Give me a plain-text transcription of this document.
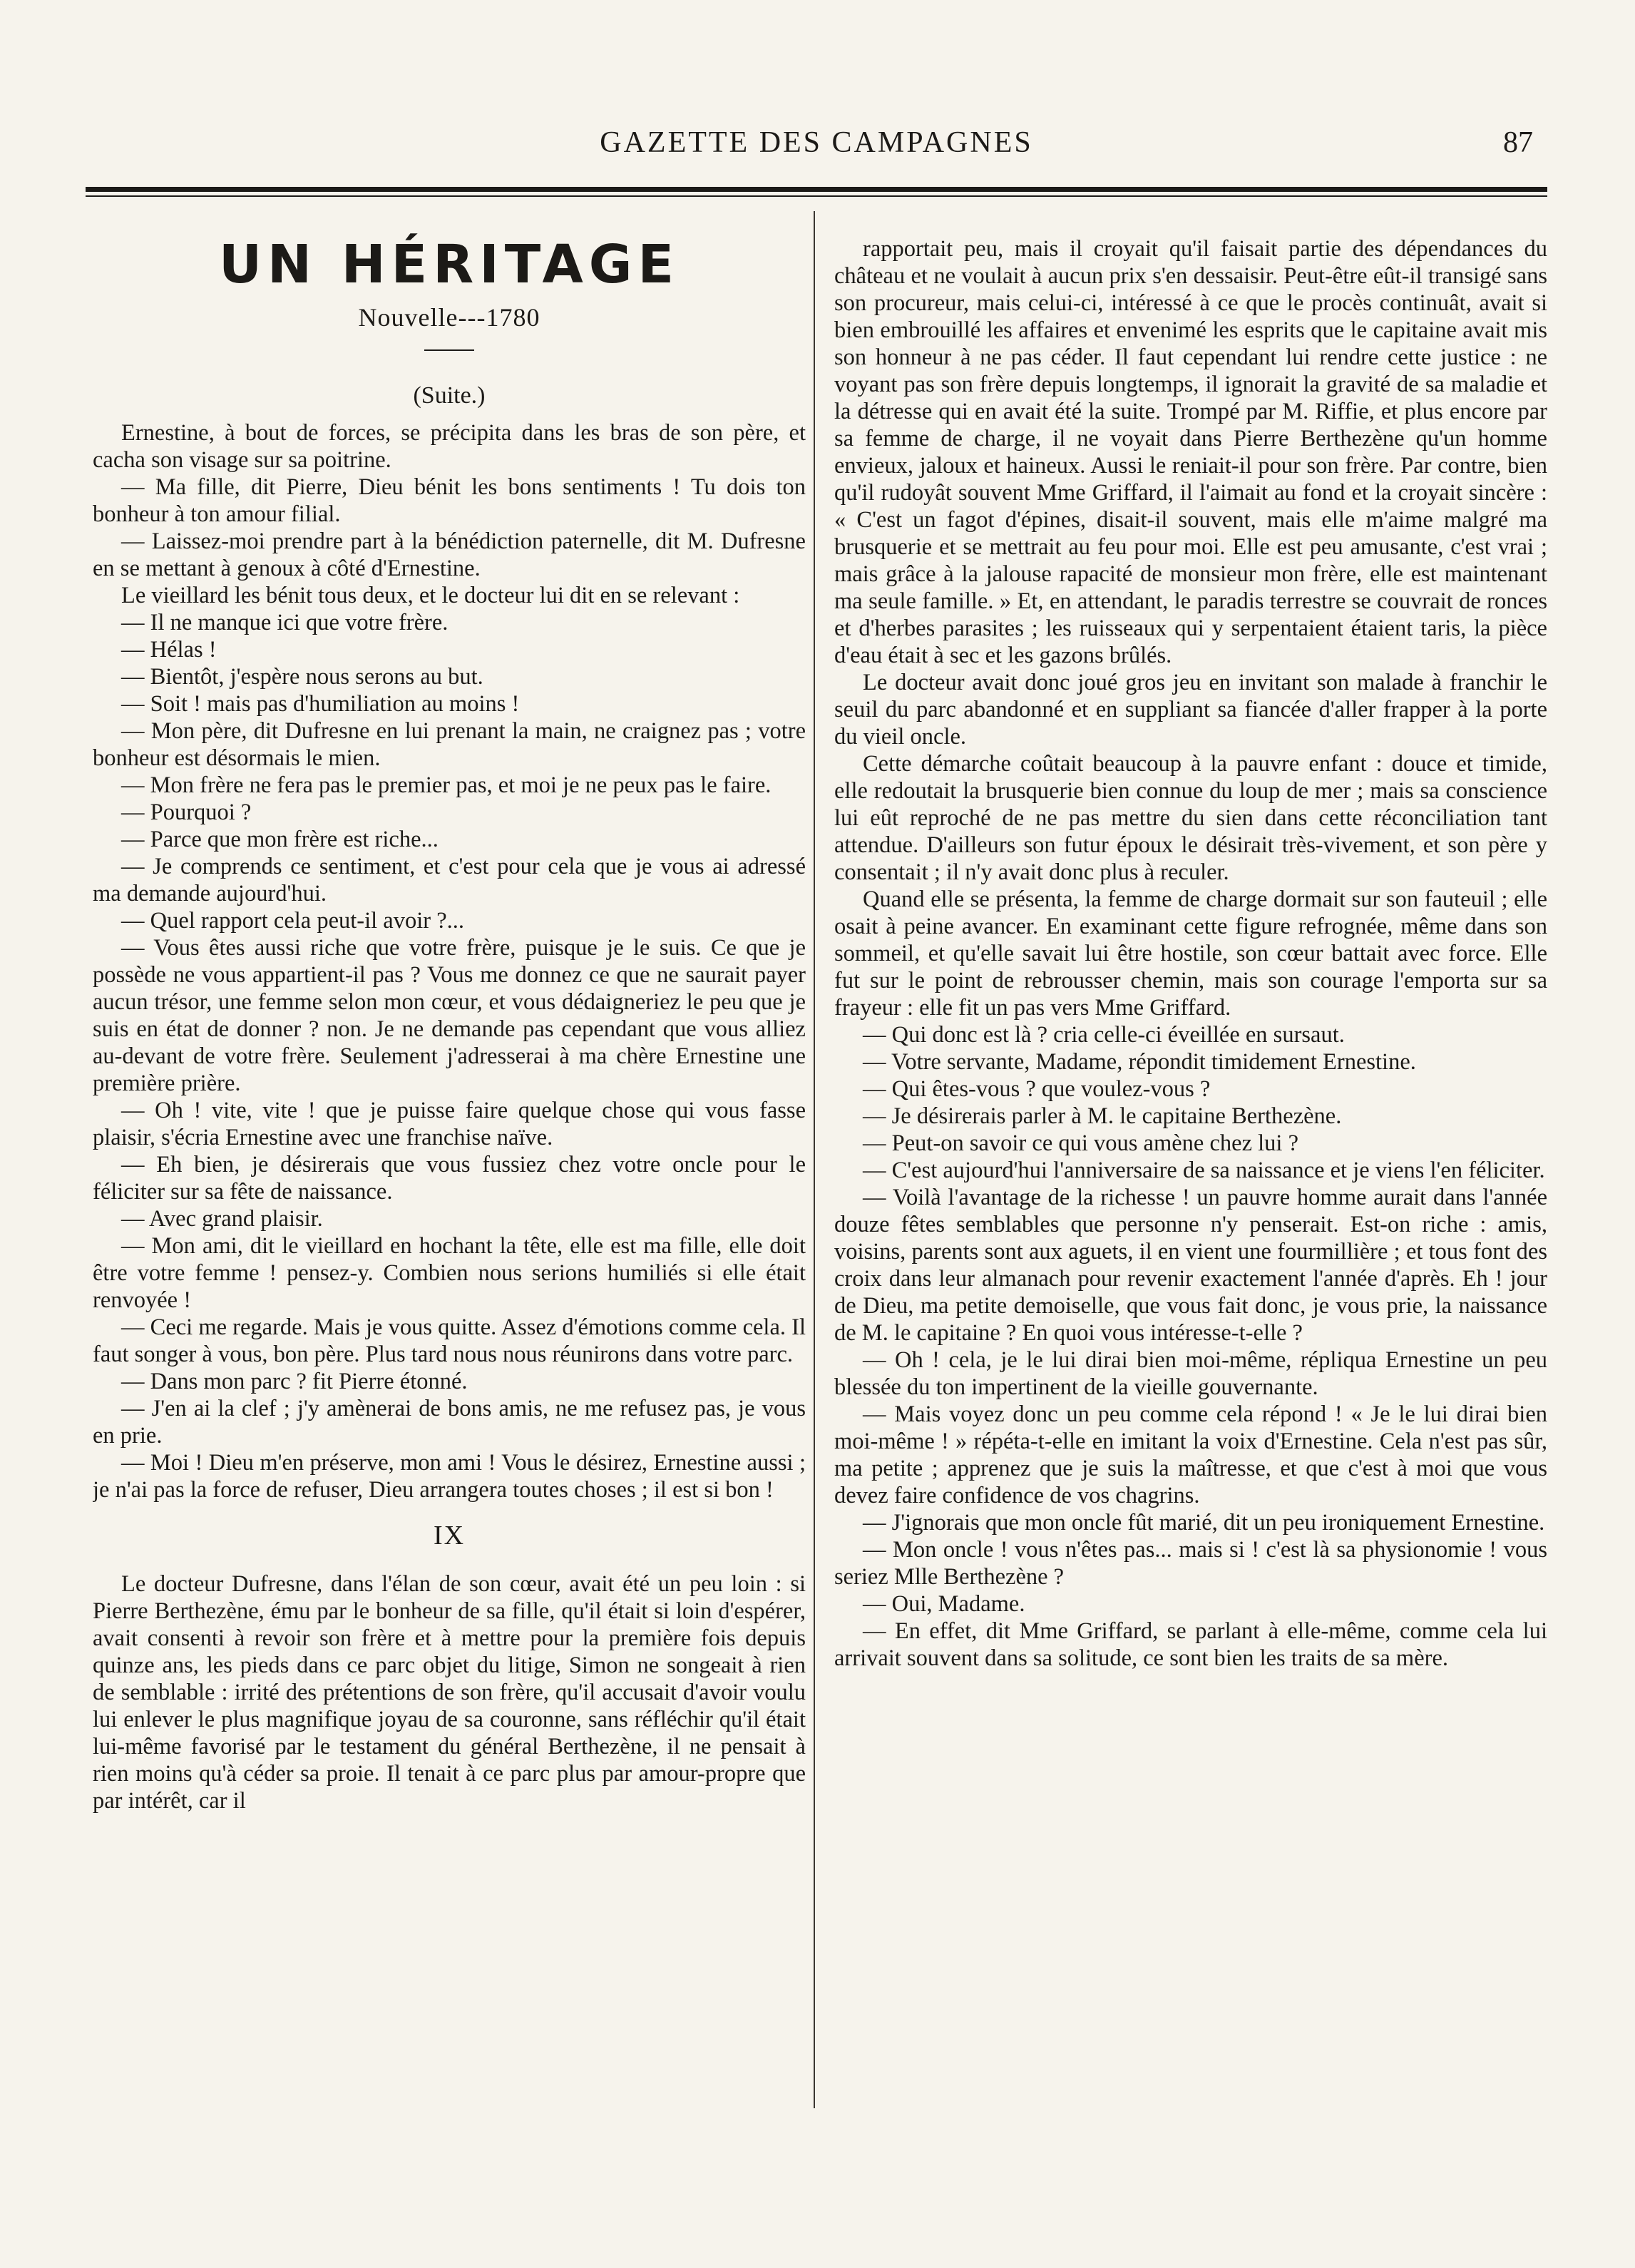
GAZETTE DES CAMPAGNES	87
UN HÉRITAGE
Nouvelle---1780
(Suite.)

Ernestine, à bout de forces, se précipita dans les bras de son père, et cacha son visage sur sa poitrine.

— Ma fille, dit Pierre, Dieu bénit les bons sentiments ! Tu dois ton bonheur à ton amour filial.

— Laissez-moi prendre part à la bénédiction paternelle, dit M. Dufresne en se mettant à genoux à côté d'Ernestine.

Le vieillard les bénit tous deux, et le docteur lui dit en se relevant :

— Il ne manque ici que votre frère.

— Hélas !

— Bientôt, j'espère nous serons au but.

— Soit ! mais pas d'humiliation au moins !

— Mon père, dit Dufresne en lui prenant la main, ne craignez pas ; votre bonheur est désormais le mien.

— Mon frère ne fera pas le premier pas, et moi je ne peux pas le faire.

— Pourquoi ?

— Parce que mon frère est riche...

— Je comprends ce sentiment, et c'est pour cela que je vous ai adressé ma demande aujourd'hui.

— Quel rapport cela peut-il avoir ?...

— Vous êtes aussi riche que votre frère, puisque je le suis. Ce que je possède ne vous appartient-il pas ? Vous me donnez ce que ne saurait payer aucun trésor, une femme selon mon cœur, et vous dédaigneriez le peu que je suis en état de donner ? non. Je ne demande pas cependant que vous alliez au-devant de votre frère. Seulement j'adresserai à ma chère Ernestine une première prière.

— Oh ! vite, vite ! que je puisse faire quelque chose qui vous fasse plaisir, s'écria Ernestine avec une franchise naïve.

— Eh bien, je désirerais que vous fussiez chez votre oncle pour le féliciter sur sa fête de naissance.

— Avec grand plaisir.

— Mon ami, dit le vieillard en hochant la tête, elle est ma fille, elle doit être votre femme ! pensez-y. Combien nous serions humiliés si elle était renvoyée !

— Ceci me regarde. Mais je vous quitte. Assez d'émotions comme cela. Il faut songer à vous, bon père. Plus tard nous nous réunirons dans votre parc.

— Dans mon parc ? fit Pierre étonné.

— J'en ai la clef ; j'y amènerai de bons amis, ne me refusez pas, je vous en prie.

— Moi ! Dieu m'en préserve, mon ami ! Vous le désirez, Ernestine aussi ; je n'ai pas la force de refuser, Dieu arrangera toutes choses ; il est si bon !

IX

Le docteur Dufresne, dans l'élan de son cœur, avait été un peu loin : si Pierre Berthezène, ému par le bonheur de sa fille, qu'il était si loin d'espérer, avait consenti à revoir son frère et à mettre pour la première fois depuis quinze ans, les pieds dans ce parc objet du litige, Simon ne songeait à rien de semblable : irrité des prétentions de son frère, qu'il accusait d'avoir voulu lui enlever le plus magnifique joyau de sa couronne, sans réfléchir qu'il était lui-même favorisé par le testament du général Berthezène, il ne pensait à rien moins qu'à céder sa proie. Il tenait à ce parc plus par amour-propre que par intérêt, car il

rapportait peu, mais il croyait qu'il faisait partie des dépendances du château et ne voulait à aucun prix s'en dessaisir. Peut-être eût-il transigé sans son procureur, mais celui-ci, intéressé à ce que le procès continuât, avait si bien embrouillé les affaires et envenimé les esprits que le capitaine avait mis son honneur à ne pas céder. Il faut cependant lui rendre cette justice : ne voyant pas son frère depuis longtemps, il ignorait la gravité de sa maladie et la détresse qui en avait été la suite. Trompé par M. Riffie, et plus encore par sa femme de charge, il ne voyait dans Pierre Berthezène qu'un homme envieux, jaloux et haineux. Aussi le reniait-il pour son frère. Par contre, bien qu'il rudoyât souvent Mme Griffard, il l'aimait au fond et la croyait sincère : « C'est un fagot d'épines, disait-il souvent, mais elle m'aime malgré ma brusquerie et se mettrait au feu pour moi. Elle est peu amusante, c'est vrai ; mais grâce à la jalouse rapacité de monsieur mon frère, elle est maintenant ma seule famille. » Et, en attendant, le paradis terrestre se couvrait de ronces et d'herbes parasites ; les ruisseaux qui y serpentaient étaient taris, la pièce d'eau était à sec et les gazons brûlés.

Le docteur avait donc joué gros jeu en invitant son malade à franchir le seuil du parc abandonné et en suppliant sa fiancée d'aller frapper à la porte du vieil oncle.

Cette démarche coûtait beaucoup à la pauvre enfant : douce et timide, elle redoutait la brusquerie bien connue du loup de mer ; mais sa conscience lui eût reproché de ne pas mettre du sien dans cette réconciliation tant attendue. D'ailleurs son futur époux le désirait très-vivement, et son père y consentait ; il n'y avait donc plus à reculer.

Quand elle se présenta, la femme de charge dormait sur son fauteuil ; elle osait à peine avancer. En examinant cette figure refrognée, même dans son sommeil, et qu'elle savait lui être hostile, son cœur battait avec force. Elle fut sur le point de rebrousser chemin, mais son courage l'emporta sur sa frayeur : elle fit un pas vers Mme Griffard.

— Qui donc est là ? cria celle-ci éveillée en sursaut.

— Votre servante, Madame, répondit timidement Ernestine.

— Qui êtes-vous ? que voulez-vous ?

— Je désirerais parler à M. le capitaine Berthezène.

— Peut-on savoir ce qui vous amène chez lui ?

— C'est aujourd'hui l'anniversaire de sa naissance et je viens l'en féliciter.

— Voilà l'avantage de la richesse ! un pauvre homme aurait dans l'année douze fêtes semblables que personne n'y penserait. Est-on riche : amis, voisins, parents sont aux aguets, il en vient une fourmillière ; et tous font des croix dans leur almanach pour revenir exactement l'année d'après. Eh ! jour de Dieu, ma petite demoiselle, que vous fait donc, je vous prie, la naissance de M. le capitaine ? En quoi vous intéresse-t-elle ?

— Oh ! cela, je le lui dirai bien moi-même, répliqua Ernestine un peu blessée du ton impertinent de la vieille gouvernante.

— Mais voyez donc un peu comme cela répond ! « Je le lui dirai bien moi-même ! » répéta-t-elle en imitant la voix d'Ernestine. Cela n'est pas sûr, ma petite ; apprenez que je suis la maîtresse, et que c'est à moi que vous devez faire confidence de vos chagrins.

— J'ignorais que mon oncle fût marié, dit un peu ironiquement Ernestine.

— Mon oncle ! vous n'êtes pas... mais si ! c'est là sa physionomie ! vous seriez Mlle Berthezène ?

— Oui, Madame.

— En effet, dit Mme Griffard, se parlant à elle-même, comme cela lui arrivait souvent dans sa solitude, ce sont bien les traits de sa mère.
